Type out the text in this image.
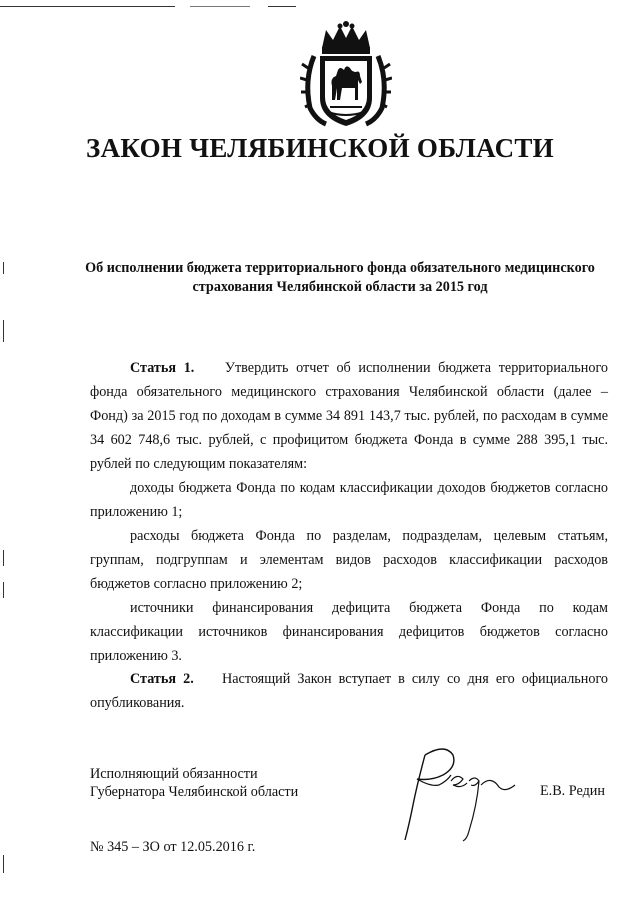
ЗАКОН ЧЕЛЯБИНСКОЙ ОБЛАСТИ
Об исполнении бюджета территориального фонда обязательного медицинского
страхования Челябинской области за 2015 год
Статья 1. Утвердить отчет об исполнении бюджета территориального фонда обязательного медицинского страхования Челябинской области (далее – Фонд) за 2015 год по доходам в сумме 34 891 143,7 тыс. рублей, по расходам в сумме 34 602 748,6 тыс. рублей, с профицитом бюджета Фонда в сумме 288 395,1 тыс. рублей по следующим показателям:
доходы бюджета Фонда по кодам классификации доходов бюджетов согласно приложению 1;
расходы бюджета Фонда по разделам, подразделам, целевым статьям, группам, подгруппам и элементам видов расходов классификации расходов бюджетов согласно приложению 2;
источники финансирования дефицита бюджета Фонда по кодам классификации источников финансирования дефицитов бюджетов согласно приложению 3.
Статья 2. Настоящий Закон вступает в силу со дня его официального опубликования.
Исполняющий обязанности
Губернатора Челябинской области	Е.В. Редин
№ 345 – ЗО от 12.05.2016 г.
